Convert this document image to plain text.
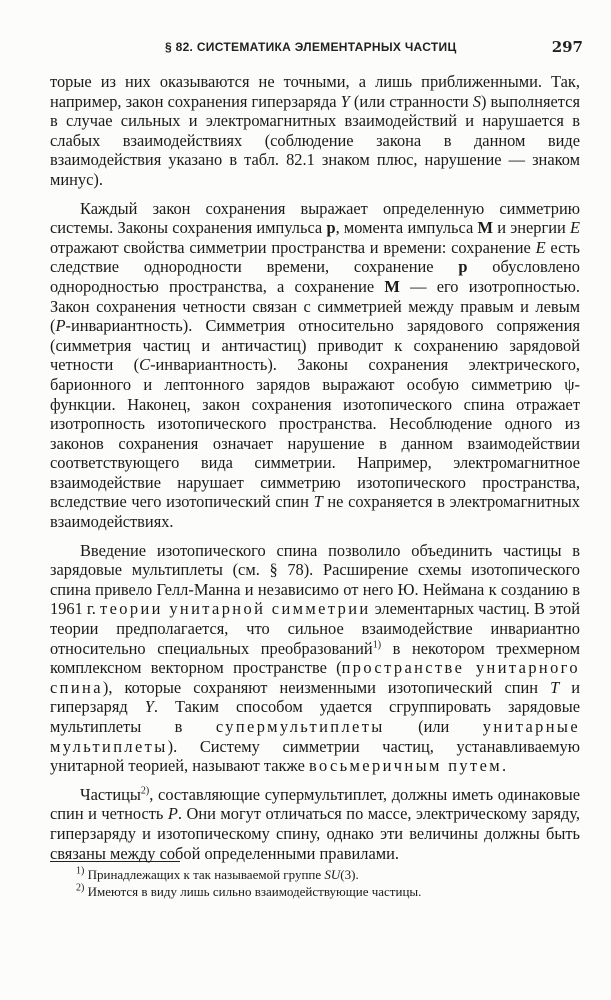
§ 82. СИСТЕМАТИКА ЭЛЕМЕНТАРНЫХ ЧАСТИЦ	297

торые из них оказываются не точными, а лишь приближенными. Так, например, закон сохранения гиперзаряда Y (или странности S) выполняется в случае сильных и электромагнитных взаимодействий и нарушается в слабых взаимодействиях (соблюдение закона в данном виде взаимодействия указано в табл. 82.1 знаком плюс, нарушение — знаком минус).

Каждый закон сохранения выражает определенную симметрию системы. Законы сохранения импульса p, момента импульса M и энергии E отражают свойства симметрии пространства и времени: сохранение E есть следствие однородности времени, сохранение p обусловлено однородностью пространства, а сохранение M — его изотропностью. Закон сохранения четности связан с симметрией между правым и левым (P-инвариантность). Симметрия относительно зарядового сопряжения (симметрия частиц и античастиц) приводит к сохранению зарядовой четности (C-инвариантность). Законы сохранения электрического, барионного и лептонного зарядов выражают особую симметрию ψ-функции. Наконец, закон сохранения изотопического спина отражает изотропность изотопического пространства. Несоблюдение одного из законов сохранения означает нарушение в данном взаимодействии соответствующего вида симметрии. Например, электромагнитное взаимодействие нарушает симметрию изотопического пространства, вследствие чего изотопический спин T не сохраняется в электромагнитных взаимодействиях.

Введение изотопического спина позволило объединить частицы в зарядовые мультиплеты (см. § 78). Расширение схемы изотопического спина привело Гелл-Манна и независимо от него Ю. Неймана к созданию в 1961 г. теории унитарной симметрии элементарных частиц. В этой теории предполагается, что сильное взаимодействие инвариантно относительно специальных преобразований$^{1)}$ в некотором трехмерном комплексном векторном пространстве (пространстве унитарного спина), которые сохраняют неизменными изотопический спин T и гиперзаряд Y. Таким способом удается сгруппировать зарядовые мультиплеты в супермультиплеты (или унитарные мультиплеты). Систему симметрии частиц, устанавливаемую унитарной теорией, называют также восьмеричным путем.

Частицы$^{2)}$, составляющие супермультиплет, должны иметь одинаковые спин и четность P. Они могут отличаться по массе, электрическому заряду, гиперзаряду и изотопическому спину, однако эти величины должны быть связаны между собой определенными правилами.

$^{1)}$ Принадлежащих к так называемой группе SU(3).
$^{2)}$ Имеются в виду лишь сильно взаимодействующие частицы.
